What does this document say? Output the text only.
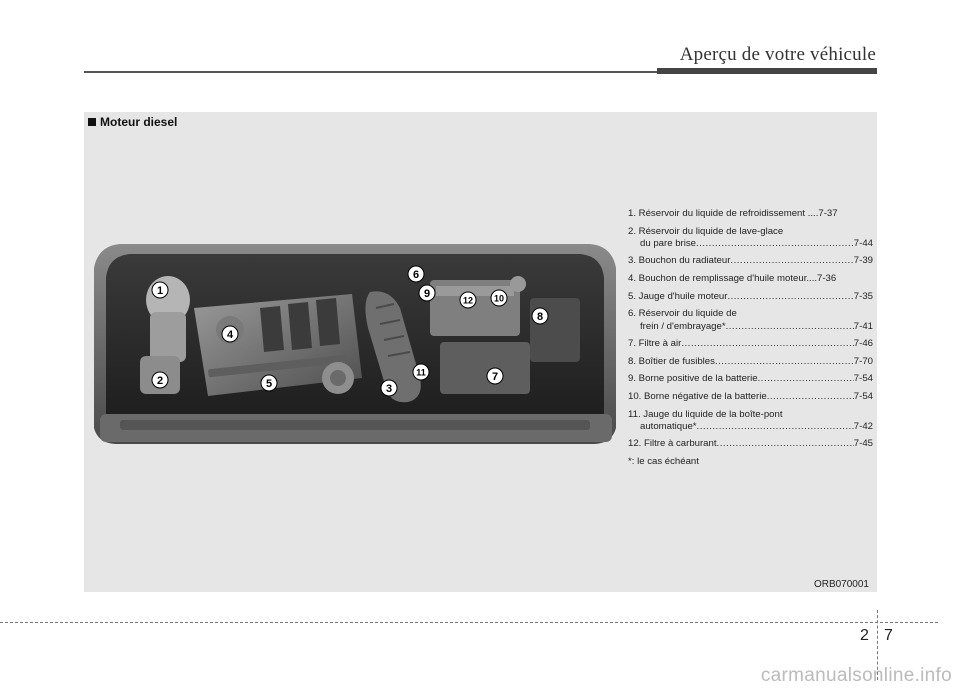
Aperçu de votre véhicule
Moteur diesel
1
2
3
4
5
6
7
8
9
12 10
11
1. Réservoir du liquide de refroidissement .... 7-37
2. Réservoir du liquide de lave-glace
du pare brise .....	7-44
3. Bouchon du radiateur .....	7-39
4. Bouchon de remplissage d'huile moteur.... 7-36
5. Jauge d'huile moteur .....	7-35
6. Réservoir du liquide de
frein / d'embrayage* .....	7-41
7. Filtre à air .....	7-46
8. Boîtier de fusibles .....	7-70
9. Borne positive de la batterie .....	7-54
10. Borne négative de la batterie .....	7-54
11. Jauge du liquide de la boîte-pont
automatique* .....	7-42
12. Filtre à carburant .....	7-45
*: le cas échéant
ORB070001
2 7
carmanualsonline.info
